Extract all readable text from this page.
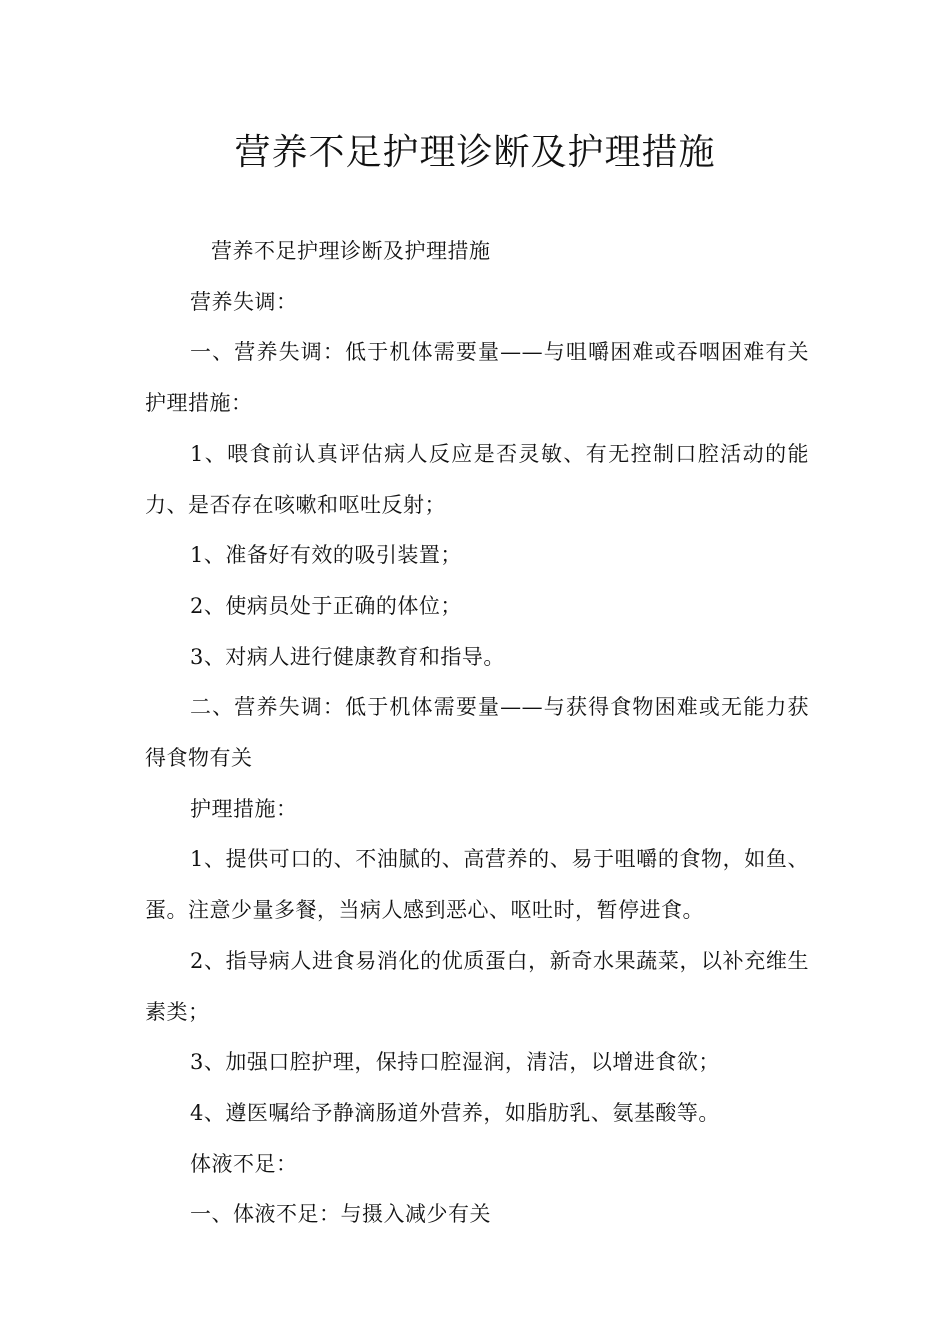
营养不足护理诊断及护理措施

营养不足护理诊断及护理措施

营养失调：

一、营养失调：低于机体需要量——与咀嚼困难或吞咽困难有关护理措施：

1、喂食前认真评估病人反应是否灵敏、有无控制口腔活动的能力、是否存在咳嗽和呕吐反射；

1、准备好有效的吸引装置；

2、使病员处于正确的体位；

3、对病人进行健康教育和指导。

二、营养失调：低于机体需要量——与获得食物困难或无能力获得食物有关

护理措施：

1、提供可口的、不油腻的、高营养的、易于咀嚼的食物，如鱼、蛋。注意少量多餐，当病人感到恶心、呕吐时，暂停进食。

2、指导病人进食易消化的优质蛋白，新奇水果蔬菜，以补充维生素类；

3、加强口腔护理，保持口腔湿润，清洁，以增进食欲；

4、遵医嘱给予静滴肠道外营养，如脂肪乳、氨基酸等。

体液不足：

一、体液不足：与摄入减少有关
